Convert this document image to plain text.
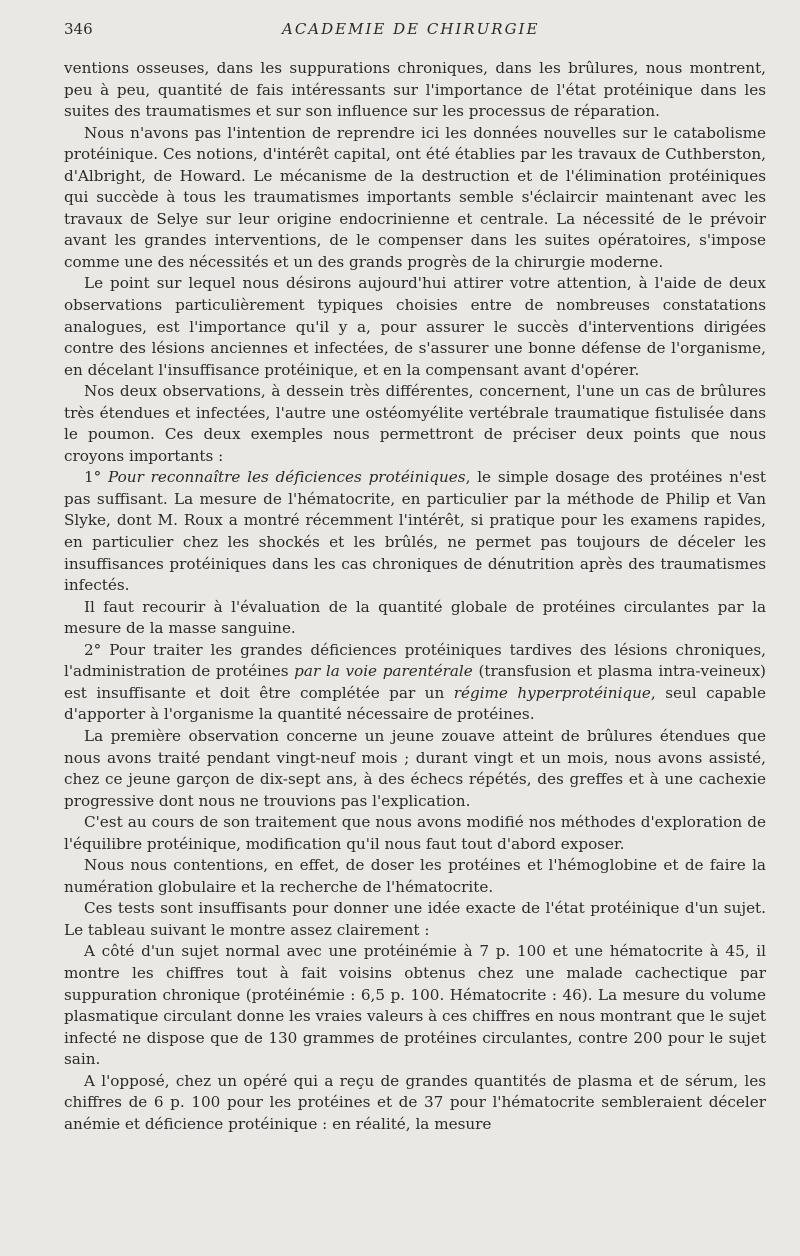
346	ACADEMIE DE CHIRURGIE

ventions osseuses, dans les suppurations chroniques, dans les brûlures, nous montrent, peu à peu, quantité de fais intéressants sur l'importance de l'état protéinique dans les suites des traumatismes et sur son influence sur les processus de réparation.

Nous n'avons pas l'intention de reprendre ici les données nouvelles sur le catabolisme protéinique. Ces notions, d'intérêt capital, ont été établies par les travaux de Cuthberston, d'Albright, de Howard. Le mécanisme de la destruction et de l'élimination protéiniques qui succède à tous les traumatismes importants semble s'éclaircir maintenant avec les travaux de Selye sur leur origine endocrinienne et centrale. La nécessité de le prévoir avant les grandes interventions, de le compenser dans les suites opératoires, s'impose comme une des nécessités et un des grands progrès de la chirurgie moderne.

Le point sur lequel nous désirons aujourd'hui attirer votre attention, à l'aide de deux observations particulièrement typiques choisies entre de nombreuses constatations analogues, est l'importance qu'il y a, pour assurer le succès d'interventions dirigées contre des lésions anciennes et infectées, de s'assurer une bonne défense de l'organisme, en décelant l'insuffisance protéinique, et en la compensant avant d'opérer.

Nos deux observations, à dessein très différentes, concernent, l'une un cas de brûlures très étendues et infectées, l'autre une ostéomyélite vertébrale traumatique fistulisée dans le poumon. Ces deux exemples nous permettront de préciser deux points que nous croyons importants :

1° Pour reconnaître les déficiences protéiniques, le simple dosage des protéines n'est pas suffisant. La mesure de l'hématocrite, en particulier par la méthode de Philip et Van Slyke, dont M. Roux a montré récemment l'intérêt, si pratique pour les examens rapides, en particulier chez les shockés et les brûlés, ne permet pas toujours de déceler les insuffisances protéiniques dans les cas chroniques de dénutrition après des traumatismes infectés.

Il faut recourir à l'évaluation de la quantité globale de protéines circulantes par la mesure de la masse sanguine.

2° Pour traiter les grandes déficiences protéiniques tardives des lésions chroniques, l'administration de protéines par la voie parentérale (transfusion et plasma intra-veineux) est insuffisante et doit être complétée par un régime hyperprotéinique, seul capable d'apporter à l'organisme la quantité nécessaire de protéines.

La première observation concerne un jeune zouave atteint de brûlures étendues que nous avons traité pendant vingt-neuf mois ; durant vingt et un mois, nous avons assisté, chez ce jeune garçon de dix-sept ans, à des échecs répétés, des greffes et à une cachexie progressive dont nous ne trouvions pas l'explication.

C'est au cours de son traitement que nous avons modifié nos méthodes d'exploration de l'équilibre protéinique, modification qu'il nous faut tout d'abord exposer.

Nous nous contentions, en effet, de doser les protéines et l'hémoglobine et de faire la numération globulaire et la recherche de l'hématocrite.

Ces tests sont insuffisants pour donner une idée exacte de l'état protéinique d'un sujet. Le tableau suivant le montre assez clairement :

A côté d'un sujet normal avec une protéinémie à 7 p. 100 et une hématocrite à 45, il montre les chiffres tout à fait voisins obtenus chez une malade cachectique par suppuration chronique (protéinémie : 6,5 p. 100. Hématocrite : 46). La mesure du volume plasmatique circulant donne les vraies valeurs à ces chiffres en nous montrant que le sujet infecté ne dispose que de 130 grammes de protéines circulantes, contre 200 pour le sujet sain.

A l'opposé, chez un opéré qui a reçu de grandes quantités de plasma et de sérum, les chiffres de 6 p. 100 pour les protéines et de 37 pour l'hématocrite sembleraient déceler anémie et déficience protéinique : en réalité, la mesure
